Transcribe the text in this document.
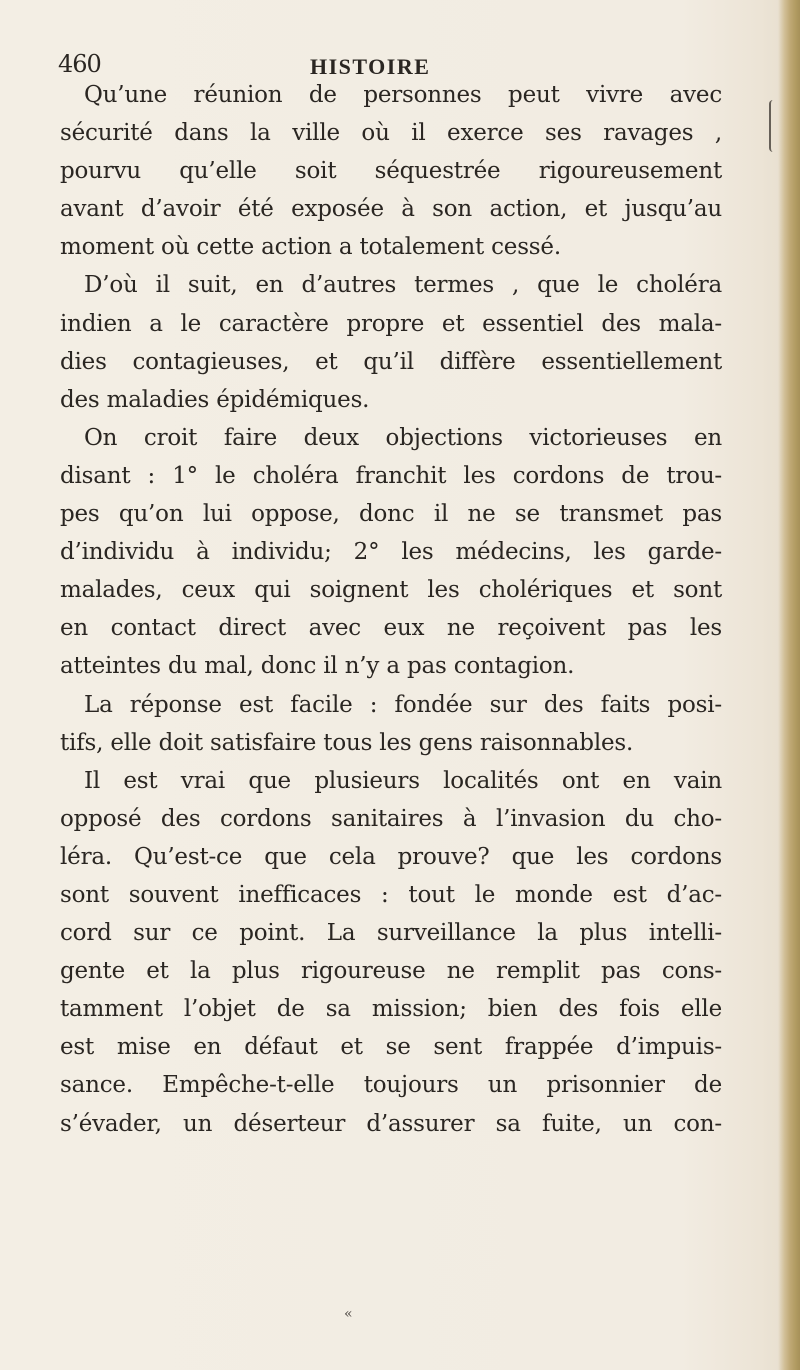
460	HISTOIRE
Qu’une réunion de personnes peut vivre avec
sécurité dans la ville où il exerce ses ravages ,
pourvu qu’elle soit séquestrée rigoureusement
avant d’avoir été exposée à son action, et jusqu’au
moment où cette action a totalement cessé.
D’où il suit, en d’autres termes , que le choléra
indien a le caractère propre et essentiel des mala-
dies contagieuses, et qu’il diffère essentiellement
des maladies épidémiques.
On croit faire deux objections victorieuses en
disant : 1° le choléra franchit les cordons de trou-
pes qu’on lui oppose, donc il ne se transmet pas
d’individu à individu; 2° les médecins, les garde-
malades, ceux qui soignent les cholériques et sont
en contact direct avec eux ne reçoivent pas les
atteintes du mal, donc il n’y a pas contagion.
La réponse est facile : fondée sur des faits posi-
tifs, elle doit satisfaire tous les gens raisonnables.
Il est vrai que plusieurs localités ont en vain
opposé des cordons sanitaires à l’invasion du cho-
léra. Qu’est-ce que cela prouve? que les cordons
sont souvent inefficaces : tout le monde est d’ac-
cord sur ce point. La surveillance la plus intelli-
gente et la plus rigoureuse ne remplit pas cons-
tamment l’objet de sa mission; bien des fois elle
est mise en défaut et se sent frappée d’impuis-
sance. Empêche-t-elle toujours un prisonnier de
s’évader, un déserteur d’assurer sa fuite, un con-
«
